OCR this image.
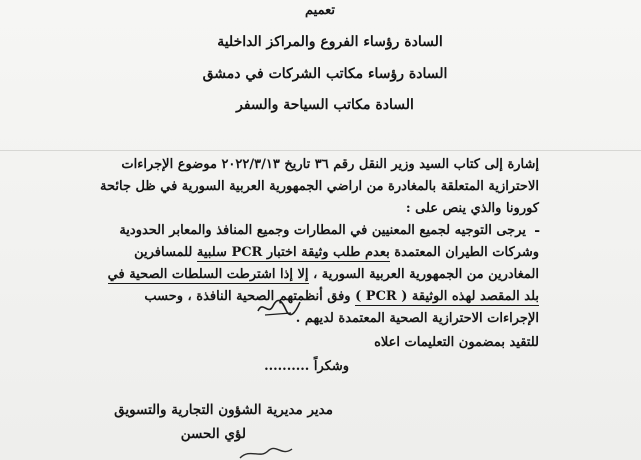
تعميم
السادة رؤساء الفروع والمراكز الداخلية
السادة رؤساء مكاتب الشركات في دمشق
السادة مكاتب السياحة والسفر
إشارة إلى كتاب السيد وزير النقل رقم ٣٦ تاريخ ٢٠٢٢/٣/١٣ موضوع الإجراءات
الاحترازية المتعلقة بالمغادرة من اراضي الجمهورية العربية السورية في ظل جائحة
كورونا والذي ينص على :
-
يرجى التوجيه لجميع المعنيين في المطارات وجميع المنافذ والمعابر الحدودية
وشركات الطيران المعتمدة بعدم طلب وثيقة اختبار PCR سلبية للمسافرين
المغادرين من الجمهورية العربية السورية ، إلا إذا اشترطت السلطات الصحية في
بلد المقصد لهذه الوثيقة ( PCR ) وفق أنظمتهم الصحية النافذة ، وحسب
الإجراءات الاحترازية الصحية المعتمدة لديهم .
للتقيد بمضمون التعليمات اعلاه
وشكراً ..........
مدير مديرية الشؤون التجارية والتسويق
لؤي الحسن
